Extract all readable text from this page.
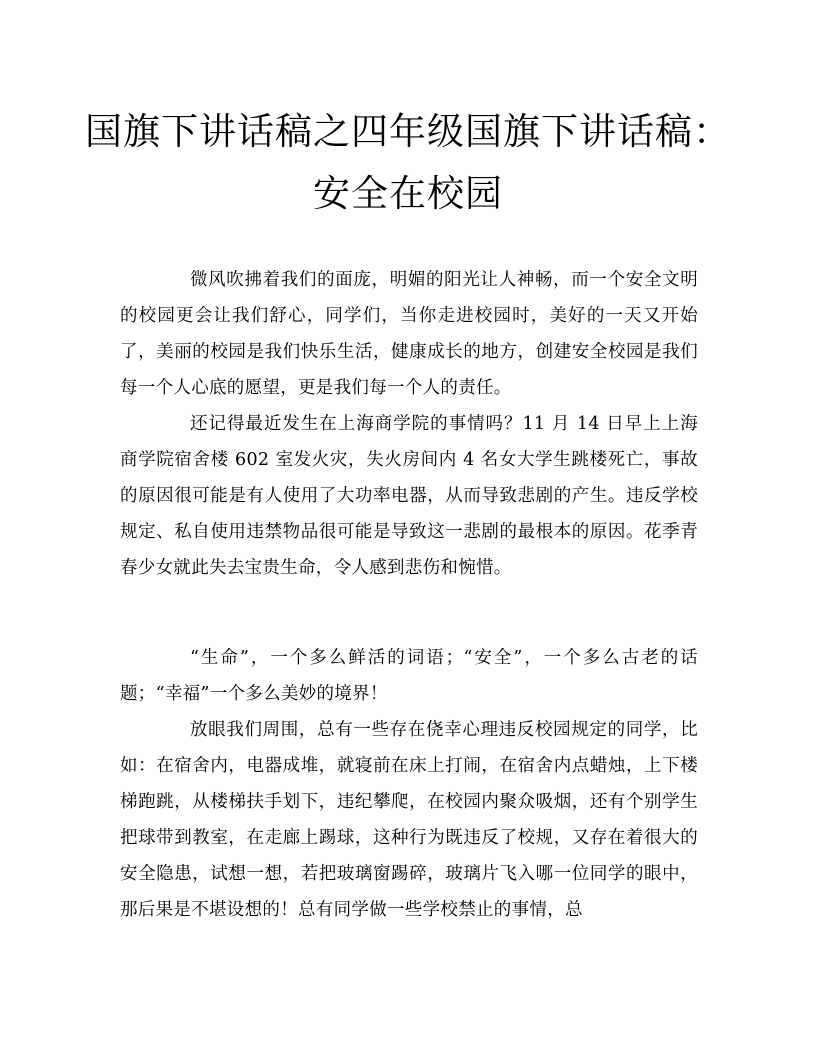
国旗下讲话稿之四年级国旗下讲话稿：
安全在校园

微风吹拂着我们的面庞，明媚的阳光让人神畅，而一个安全文明的校园更会让我们舒心，同学们，当你走进校园时，美好的一天又开始了，美丽的校园是我们快乐生活，健康成长的地方，创建安全校园是我们每一个人心底的愿望，更是我们每一个人的责任。

还记得最近发生在上海商学院的事情吗？11 月 14 日早上上海商学院宿舍楼 602 室发火灾，失火房间内 4 名女大学生跳楼死亡，事故的原因很可能是有人使用了大功率电器，从而导致悲剧的产生。违反学校规定、私自使用违禁物品很可能是导致这一悲剧的最根本的原因。花季青春少女就此失去宝贵生命，令人感到悲伤和惋惜。

“生命”，一个多么鲜活的词语；“安全”，一个多么古老的话题；“幸福”一个多么美妙的境界！

放眼我们周围，总有一些存在侥幸心理违反校园规定的同学，比如：在宿舍内，电器成堆，就寝前在床上打闹，在宿舍内点蜡烛，上下楼梯跑跳，从楼梯扶手划下，违纪攀爬，在校园内聚众吸烟，还有个别学生把球带到教室，在走廊上踢球，这种行为既违反了校规，又存在着很大的安全隐患，试想一想，若把玻璃窗踢碎，玻璃片飞入哪一位同学的眼中，那后果是不堪设想的！总有同学做一些学校禁止的事情，总
